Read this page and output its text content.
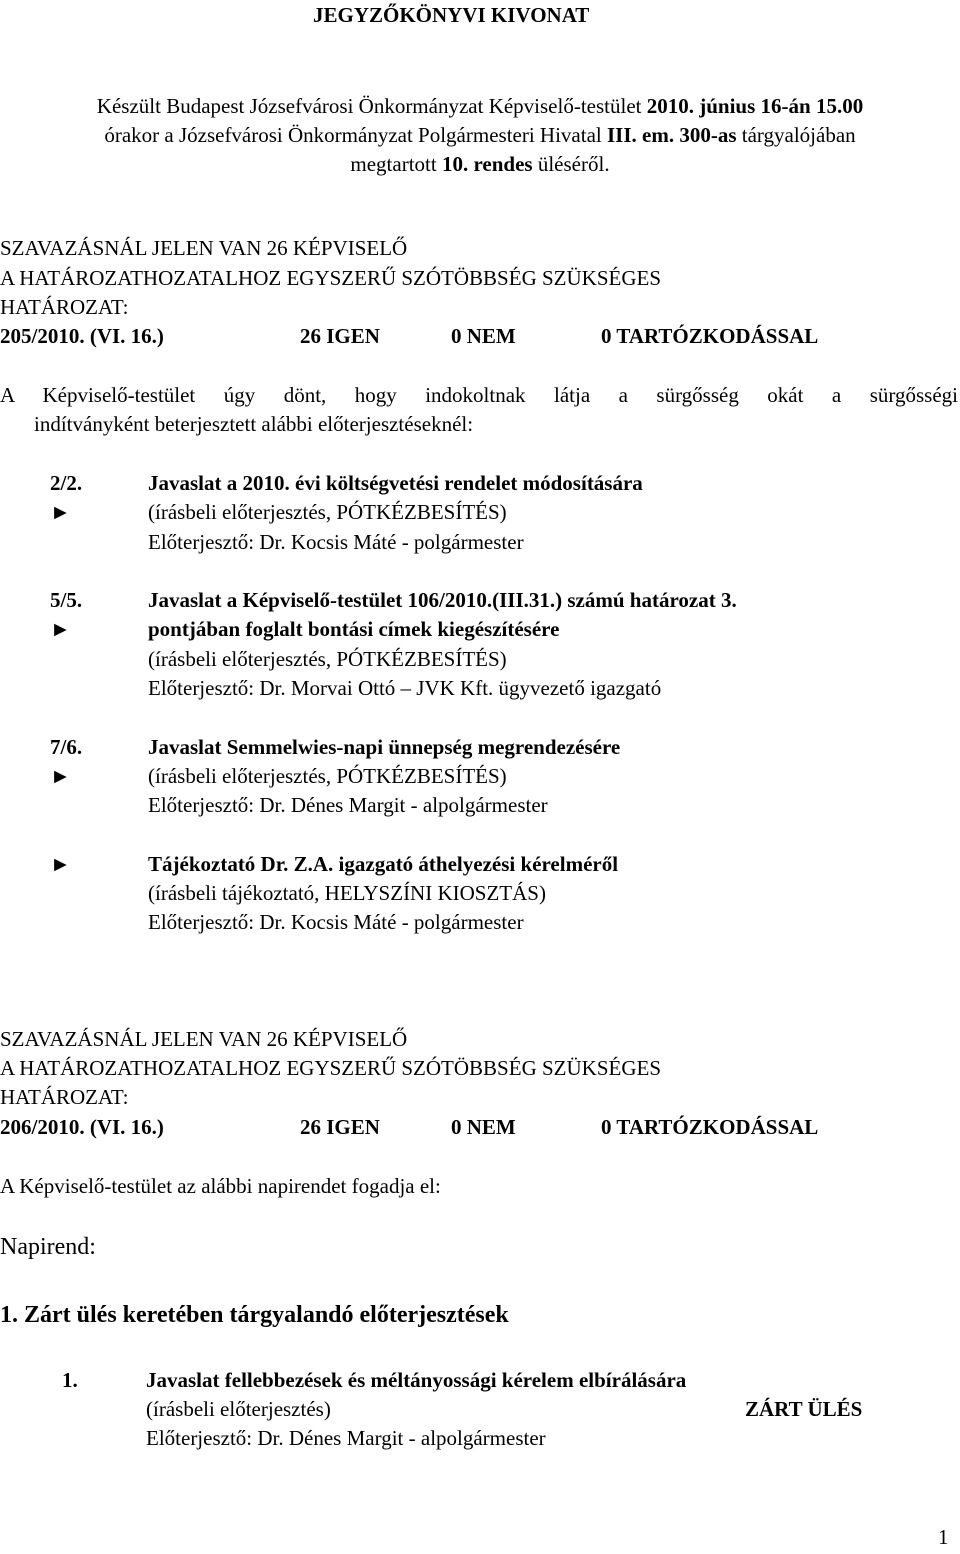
JEGYZŐKÖNYVI KIVONAT
Készült Budapest Józsefvárosi Önkormányzat Képviselő-testület 2010. június 16-án 15.00
órakor a Józsefvárosi Önkormányzat Polgármesteri Hivatal III. em. 300-as tárgyalójában
megtartott 10. rendes üléséről.
SZAVAZÁSNÁL JELEN VAN 26 KÉPVISELŐ
A HATÁROZATHOZATALHOZ EGYSZERŰ SZÓTÖBBSÉG SZÜKSÉGES
HATÁROZAT:
205/2010. (VI. 16.)	26 IGEN	0 NEM	0 TARTÓZKODÁSSAL
A Képviselő-testület úgy dönt, hogy indokoltnak látja a sürgősség okát a sürgősségi
indítványként beterjesztett alábbi előterjesztéseknél:
2/2.	Javaslat a 2010. évi költségvetési rendelet módosítására
►	(írásbeli előterjesztés, PÓTKÉZBESÍTÉS)
Előterjesztő: Dr. Kocsis Máté - polgármester
5/5.	Javaslat a Képviselő-testület 106/2010.(III.31.) számú határozat 3.
►	pontjában foglalt bontási címek kiegészítésére
(írásbeli előterjesztés, PÓTKÉZBESÍTÉS)
Előterjesztő: Dr. Morvai Ottó – JVK Kft. ügyvezető igazgató
7/6.	Javaslat Semmelwies-napi ünnepség megrendezésére
►	(írásbeli előterjesztés, PÓTKÉZBESÍTÉS)
Előterjesztő: Dr. Dénes Margit - alpolgármester
►	Tájékoztató Dr. Z.A. igazgató áthelyezési kérelméről
(írásbeli tájékoztató, HELYSZÍNI KIOSZTÁS)
Előterjesztő: Dr. Kocsis Máté - polgármester
SZAVAZÁSNÁL JELEN VAN 26 KÉPVISELŐ
A HATÁROZATHOZATALHOZ EGYSZERŰ SZÓTÖBBSÉG SZÜKSÉGES
HATÁROZAT:
206/2010. (VI. 16.)	26 IGEN	0 NEM	0 TARTÓZKODÁSSAL
A Képviselő-testület az alábbi napirendet fogadja el:
Napirend:
1. Zárt ülés keretében tárgyalandó előterjesztések
1.	Javaslat fellebbezések és méltányossági kérelem elbírálására
(írásbeli előterjesztés)	ZÁRT ÜLÉS
Előterjesztő: Dr. Dénes Margit - alpolgármester
1
